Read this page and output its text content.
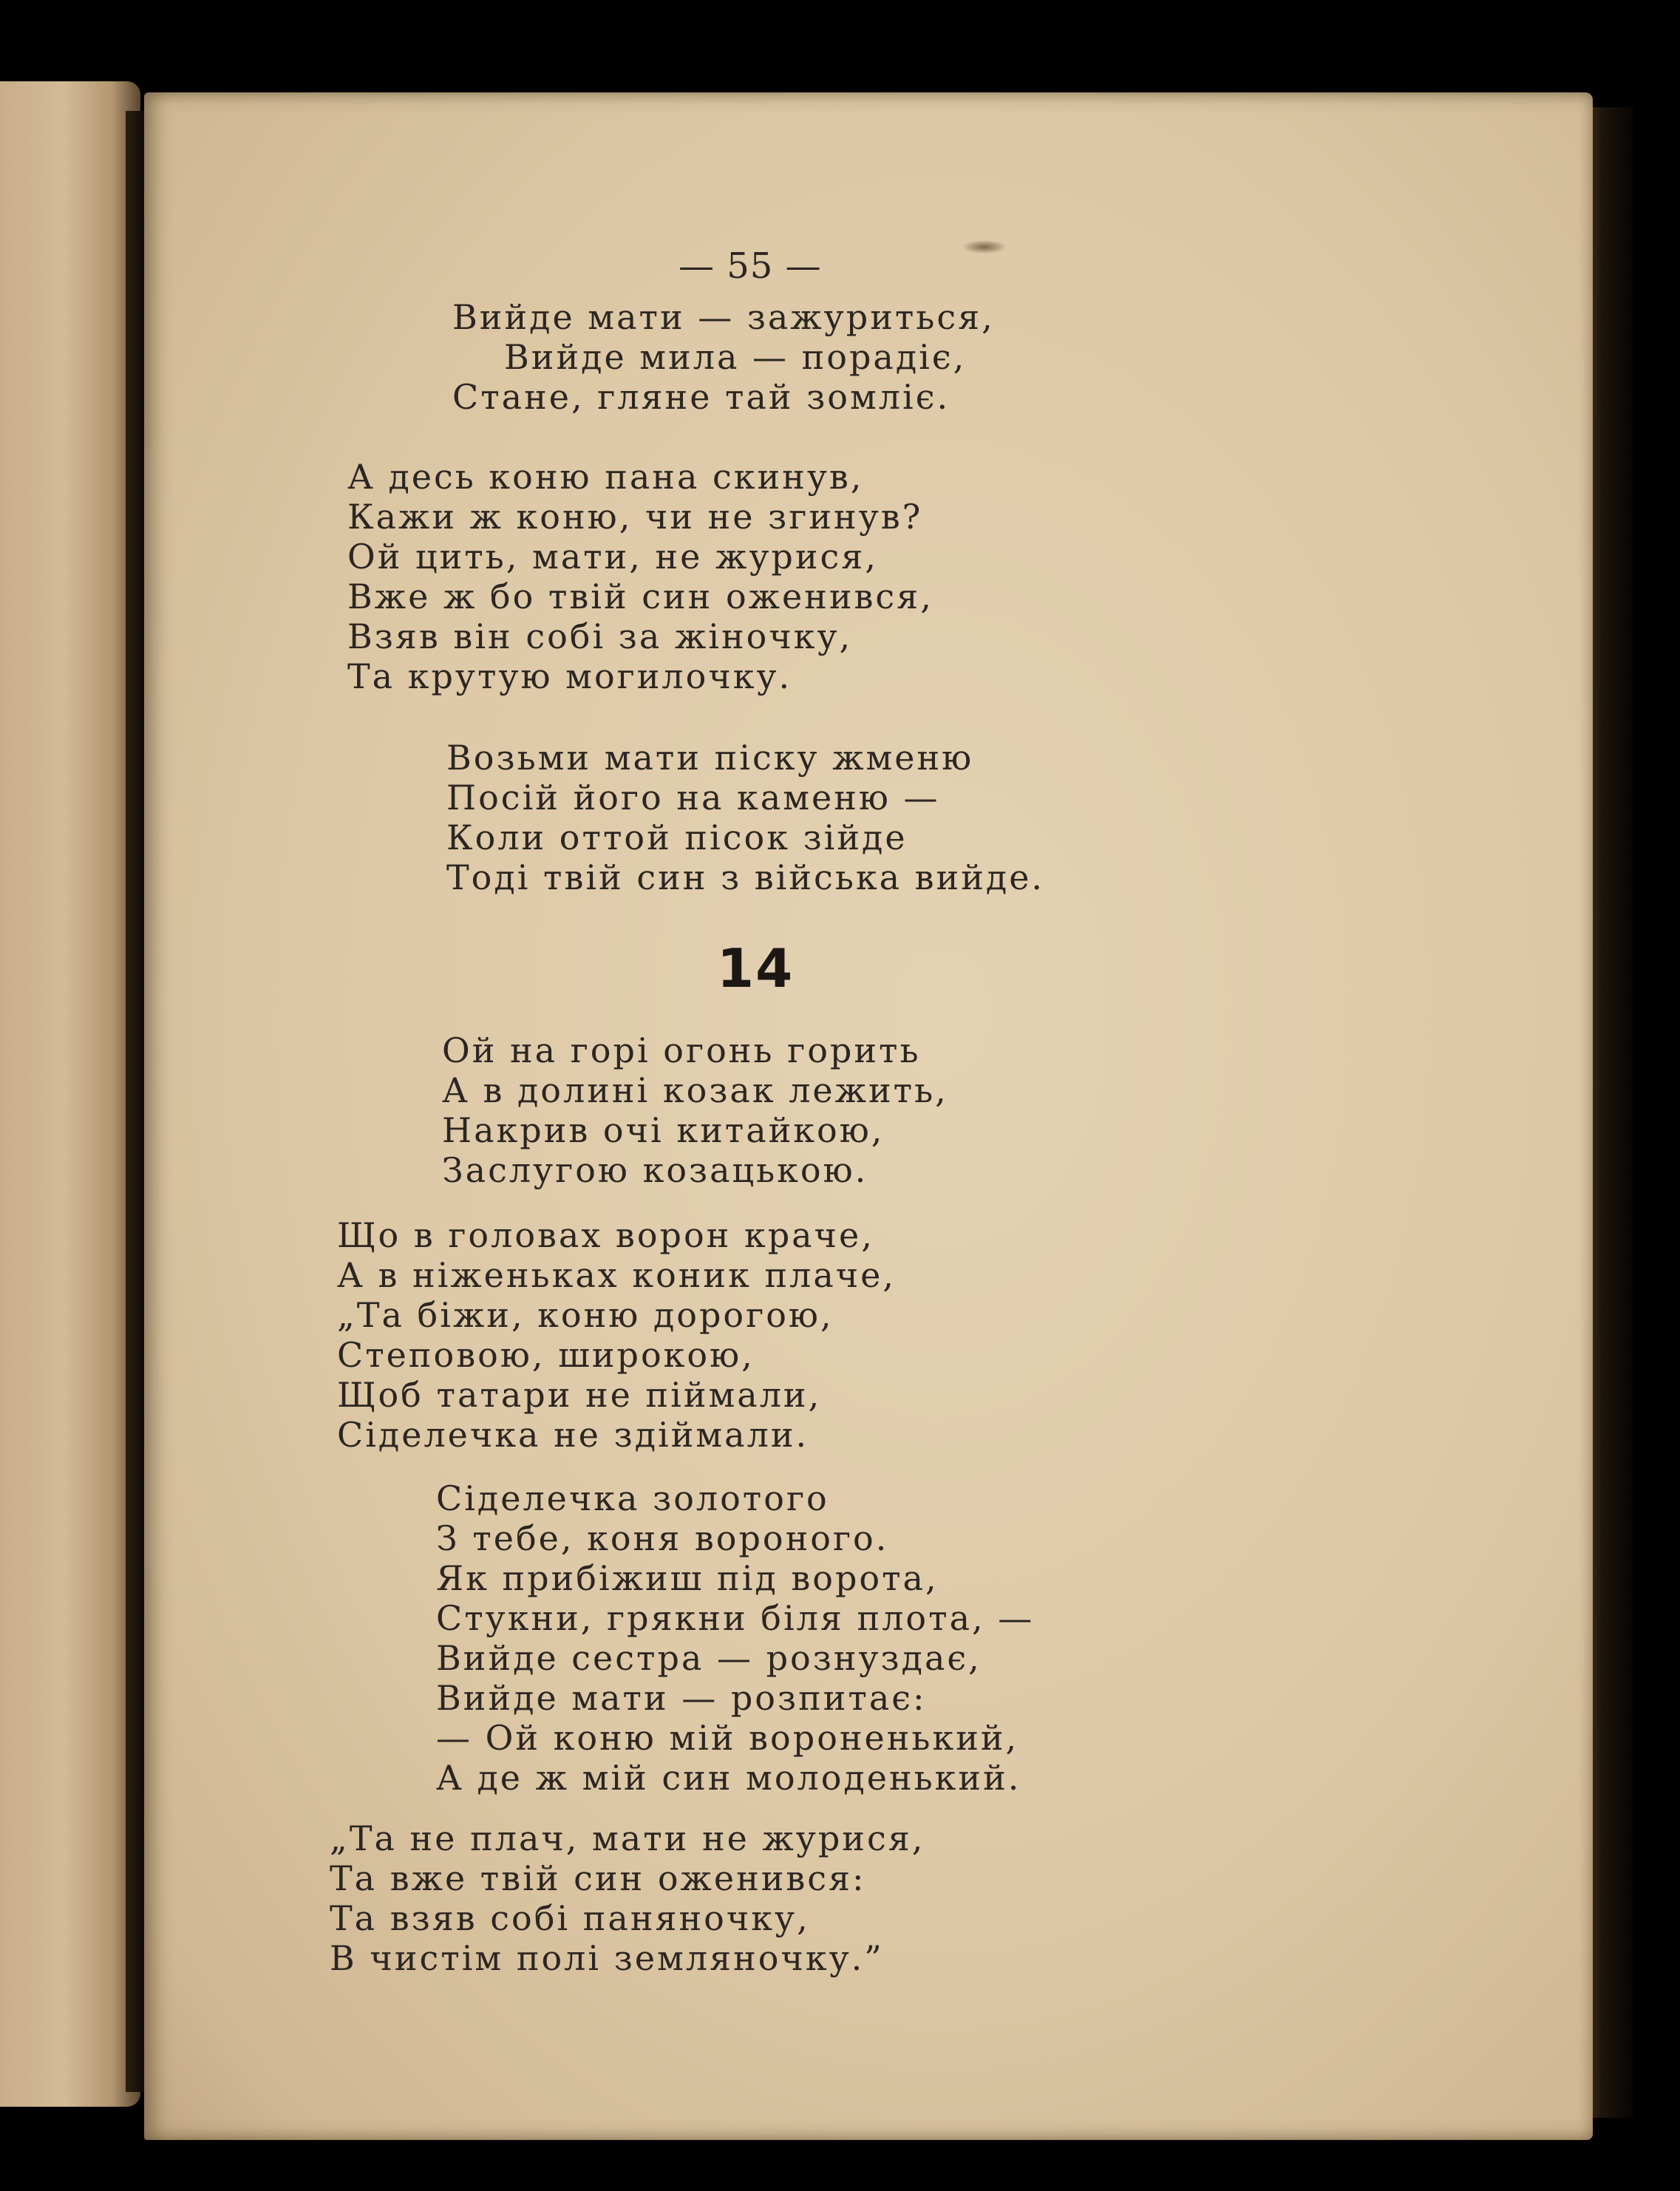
— 55 —
Вийде мати — зажуриться,
Вийде мила — порадіє,
Стане, гляне тай зомліє.
А десь коню пана скинув,
Кажи ж коню, чи не згинув?
Ой цить, мати, не журися,
Вже ж бо твій син оженився,
Взяв він собі за жіночку,
Та крутую могилочку.
Возьми мати піску жменю
Посій його на каменю —
Коли оттой пісок зійде
Тоді твій син з війська вийде.
14
Ой на горі огонь горить
А в долині козак лежить,
Накрив очі китайкою,
Заслугою козацькою.
Що в головах ворон краче,
А в ніженьках коник плаче,
„Та біжи, коню дорогою,
Степовою, широкою,
Щоб татари не піймали,
Сіделечка не здіймали.
Сіделечка золотого
З тебе, коня вороного.
Як прибіжиш під ворота,
Стукни, грякни біля плота, —
Вийде сестра — рознуздає,
Вийде мати — розпитає:
— Ой коню мій вороненький,
А де ж мій син молоденький.
„Та не плач, мати не журися,
Та вже твій син оженився:
Та взяв собі паняночку,
В чистім полі земляночку.”
